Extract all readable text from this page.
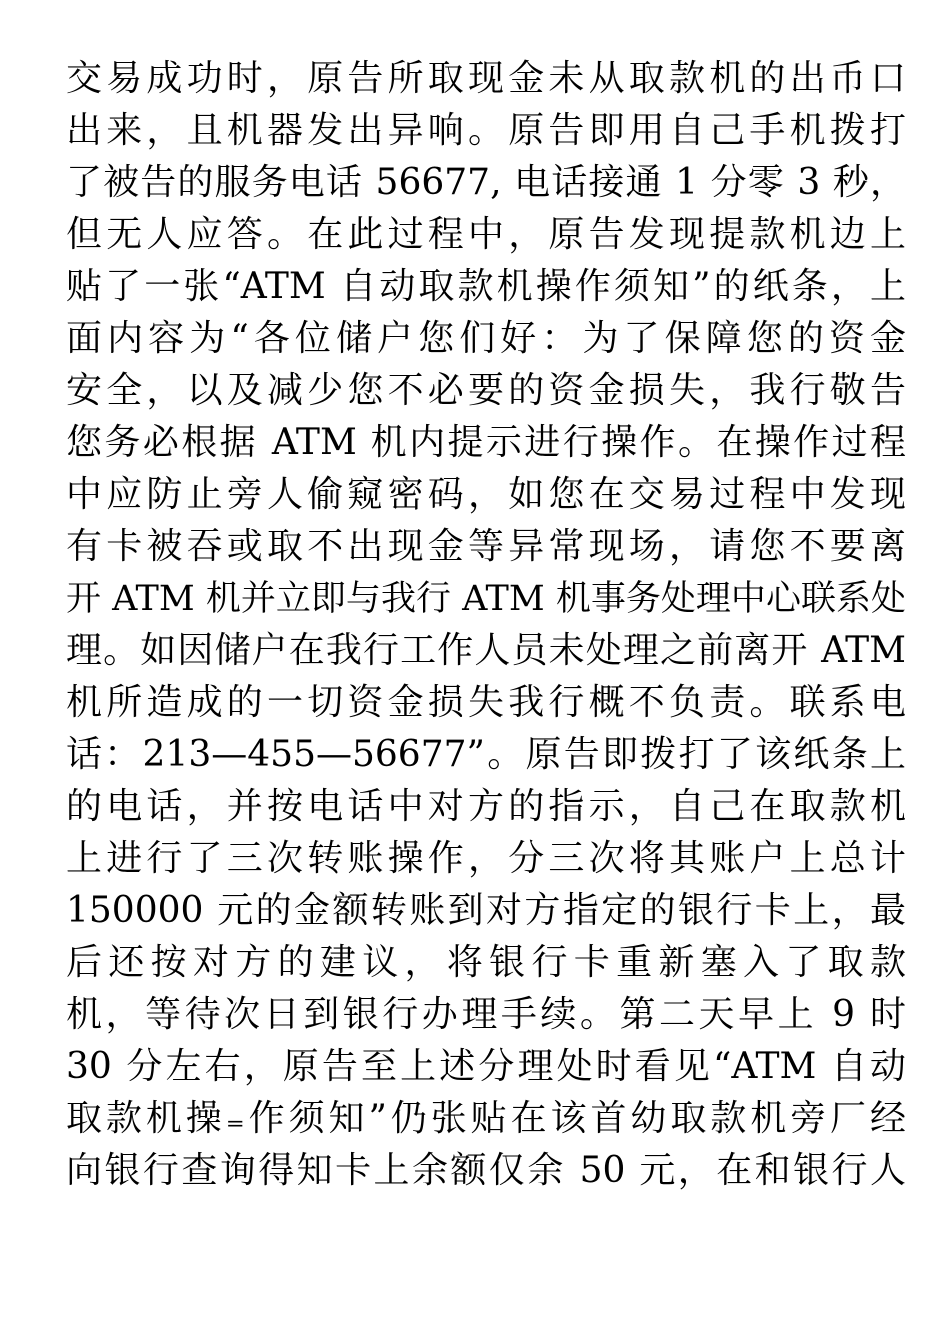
交易成功时，原告所取现金未从取款机的出币口
出来，且机器发出异响。原告即用自己手机拨打
了被告的服务电话 56677, 电话接通 1 分零 3 秒，
但无人应答。在此过程中，原告发现提款机边上
贴了一张“ATM 自动取款机操作须知”的纸条，上
面内容为“各位储户您们好：为了保障您的资金
安全，以及减少您不必要的资金损失，我行敬告
您务必根据 ATM 机内提示进行操作。在操作过程
中应防止旁人偷窥密码，如您在交易过程中发现
有卡被吞或取不出现金等异常现场，请您不要离
开 ATM 机并立即与我行 ATM 机事务处理中心联系处
理。如因储户在我行工作人员未处理之前离开 ATM
机所造成的一切资金损失我行概不负责。联系电
话：213—455—56677”。原告即拨打了该纸条上
的电话，并按电话中对方的指示，自己在取款机
上进行了三次转账操作，分三次将其账户上总计
150000 元的金额转账到对方指定的银行卡上，最
后还按对方的建议，将银行卡重新塞入了取款
机，等待次日到银行办理手续。第二天早上 9 时
30 分左右，原告至上述分理处时看见“ATM 自动
取款机操₌作须知”仍张贴在该首幼取款机旁厂经
向银行查询得知卡上余额仅余 50 元，在和银行人
